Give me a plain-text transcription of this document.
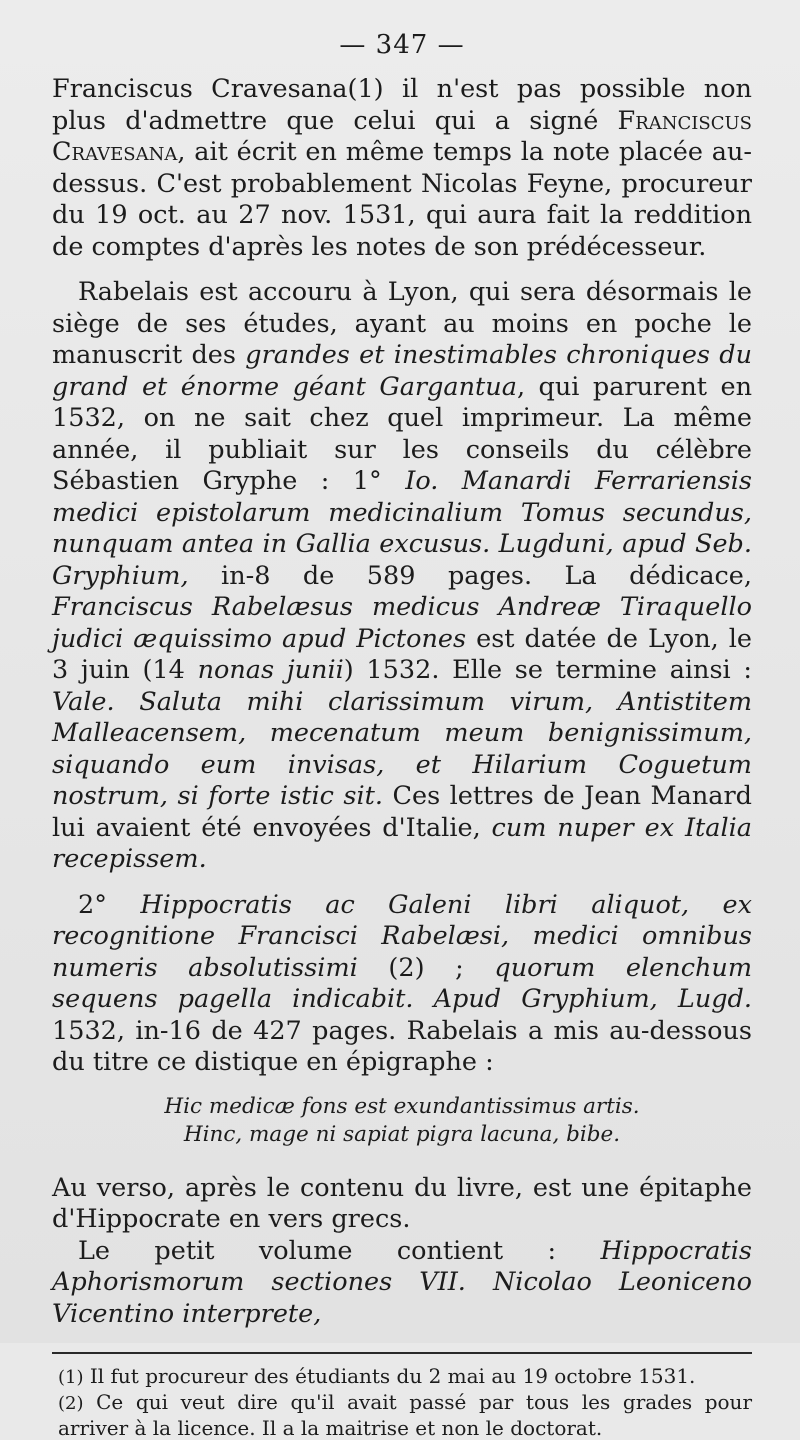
— 347 —

Franciscus Cravesana(1) il n'est pas possible non plus d'admettre que celui qui a signé Franciscus Cravesana, ait écrit en même temps la note placée au-dessus. C'est probablement Nicolas Feyne, procureur du 19 oct. au 27 nov. 1531, qui aura fait la reddition de comptes d'après les notes de son prédécesseur.

Rabelais est accouru à Lyon, qui sera désormais le siège de ses études, ayant au moins en poche le manuscrit des grandes et inestimables chroniques du grand et énorme géant Gargantua, qui parurent en 1532, on ne sait chez quel imprimeur. La même année, il publiait sur les conseils du célèbre Sébastien Gryphe : 1° Io. Manardi Ferrariensis medici epistolarum medicinalium Tomus secundus, nunquam antea in Gallia excusus. Lugduni, apud Seb. Gryphium, in-8 de 589 pages. La dédicace, Franciscus Rabelæsus medicus Andreæ Tiraquello judici æquissimo apud Pictones est datée de Lyon, le 3 juin (14 nonas junii) 1532. Elle se termine ainsi : Vale. Saluta mihi clarissimum virum, Antistitem Malleacensem, mecenatum meum benignissimum, siquando eum invisas, et Hilarium Coguetum nostrum, si forte istic sit. Ces lettres de Jean Manard lui avaient été envoyées d'Italie, cum nuper ex Italia recepissem.

2° Hippocratis ac Galeni libri aliquot, ex recognitione Francisci Rabelæsi, medici omnibus numeris absolutissimi (2) ; quorum elenchum sequens pagella indicabit. Apud Gryphium, Lugd. 1532, in-16 de 427 pages. Rabelais a mis au-dessous du titre ce distique en épigraphe :

Hic medicæ fons est exundantissimus artis.
Hinc, mage ni sapiat pigra lacuna, bibe.

Au verso, après le contenu du livre, est une épitaphe d'Hippocrate en vers grecs.

Le petit volume contient : Hippocratis Aphorismorum sectiones VII. Nicolao Leoniceno Vicentino interprete,

(1) Il fut procureur des étudiants du 2 mai au 19 octobre 1531.

(2) Ce qui veut dire qu'il avait passé par tous les grades pour arriver à la licence. Il a la maitrise et non le doctorat.
